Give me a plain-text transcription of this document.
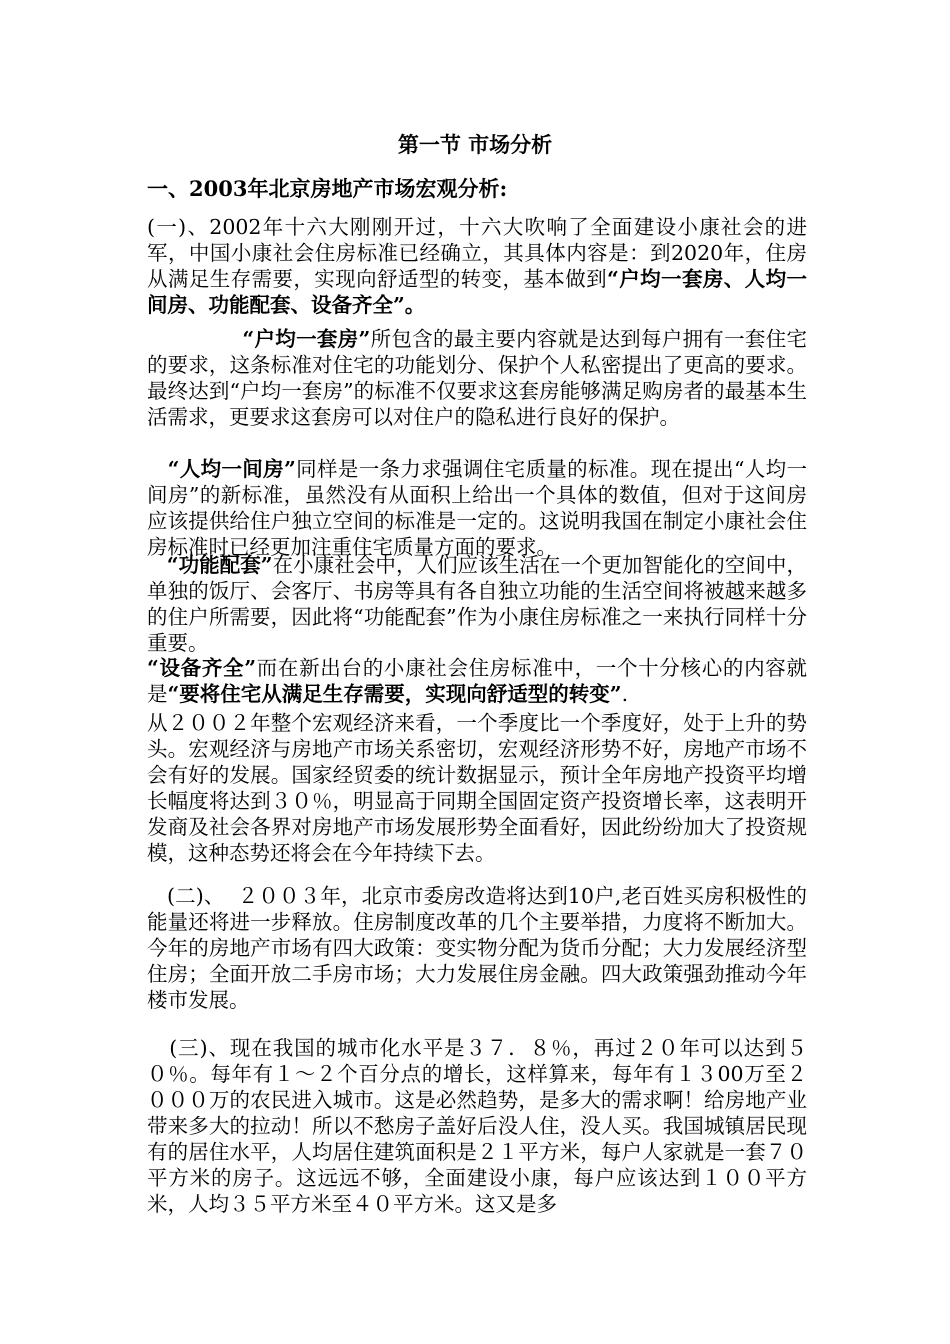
第一节 市场分析
一、2003年北京房地产市场宏观分析:
(一)、2002年十六大刚刚开过，十六大吹响了全面建设小康社会的进军，中国小康社会住房标准已经确立，其具体内容是：到2020年，住房从满足生存需要，实现向舒适型的转变，基本做到“户均一套房、人均一间房、功能配套、设备齐全”。
“户均一套房”所包含的最主要内容就是达到每户拥有一套住宅的要求，这条标准对住宅的功能划分、保护个人私密提出了更高的要求。最终达到“户均一套房”的标准不仅要求这套房能够满足购房者的最基本生活需求，更要求这套房可以对住户的隐私进行良好的保护。
“人均一间房”同样是一条力求强调住宅质量的标准。现在提出“人均一间房”的新标准，虽然没有从面积上给出一个具体的数值，但对于这间房应该提供给住户独立空间的标准是一定的。这说明我国在制定小康社会住房标准时已经更加注重住宅质量方面的要求。
“功能配套”在小康社会中，人们应该生活在一个更加智能化的空间中，单独的饭厅、会客厅、书房等具有各自独立功能的生活空间将被越来越多的住户所需要，因此将“功能配套”作为小康住房标准之一来执行同样十分重要。
“设备齐全”而在新出台的小康社会住房标准中，一个十分核心的内容就是“要将住宅从满足生存需要，实现向舒适型的转变”.
从２００２年整个宏观经济来看，一个季度比一个季度好，处于上升的势头。宏观经济与房地产市场关系密切，宏观经济形势不好，房地产市场不会有好的发展。国家经贸委的统计数据显示，预计全年房地产投资平均增长幅度将达到３０％，明显高于同期全国固定资产投资增长率，这表明开发商及社会各界对房地产市场发展形势全面看好，因此纷纷加大了投资规模，这种态势还将会在今年持续下去。
(二)、  ２００３年，北京市委房改造将达到10户,老百姓买房积极性的能量还将进一步释放。住房制度改革的几个主要举措，力度将不断加大。今年的房地产市场有四大政策：变实物分配为货币分配；大力发展经济型住房；全面开放二手房市场；大力发展住房金融。四大政策强劲推动今年楼市发展。
(三)、现在我国的城市化水平是３７．８％，再过２０年可以达到５０％。每年有１～２个百分点的增长，这样算来，每年有１３00万至２０００万的农民进入城市。这是必然趋势，是多大的需求啊！给房地产业带来多大的拉动！所以不愁房子盖好后没人住，没人买。我国城镇居民现有的居住水平，人均居住建筑面积是２１平方米，每户人家就是一套７０平方米的房子。这远远不够，全面建设小康，每户应该达到１００平方米，人均３５平方米至４０平方米。这又是多
